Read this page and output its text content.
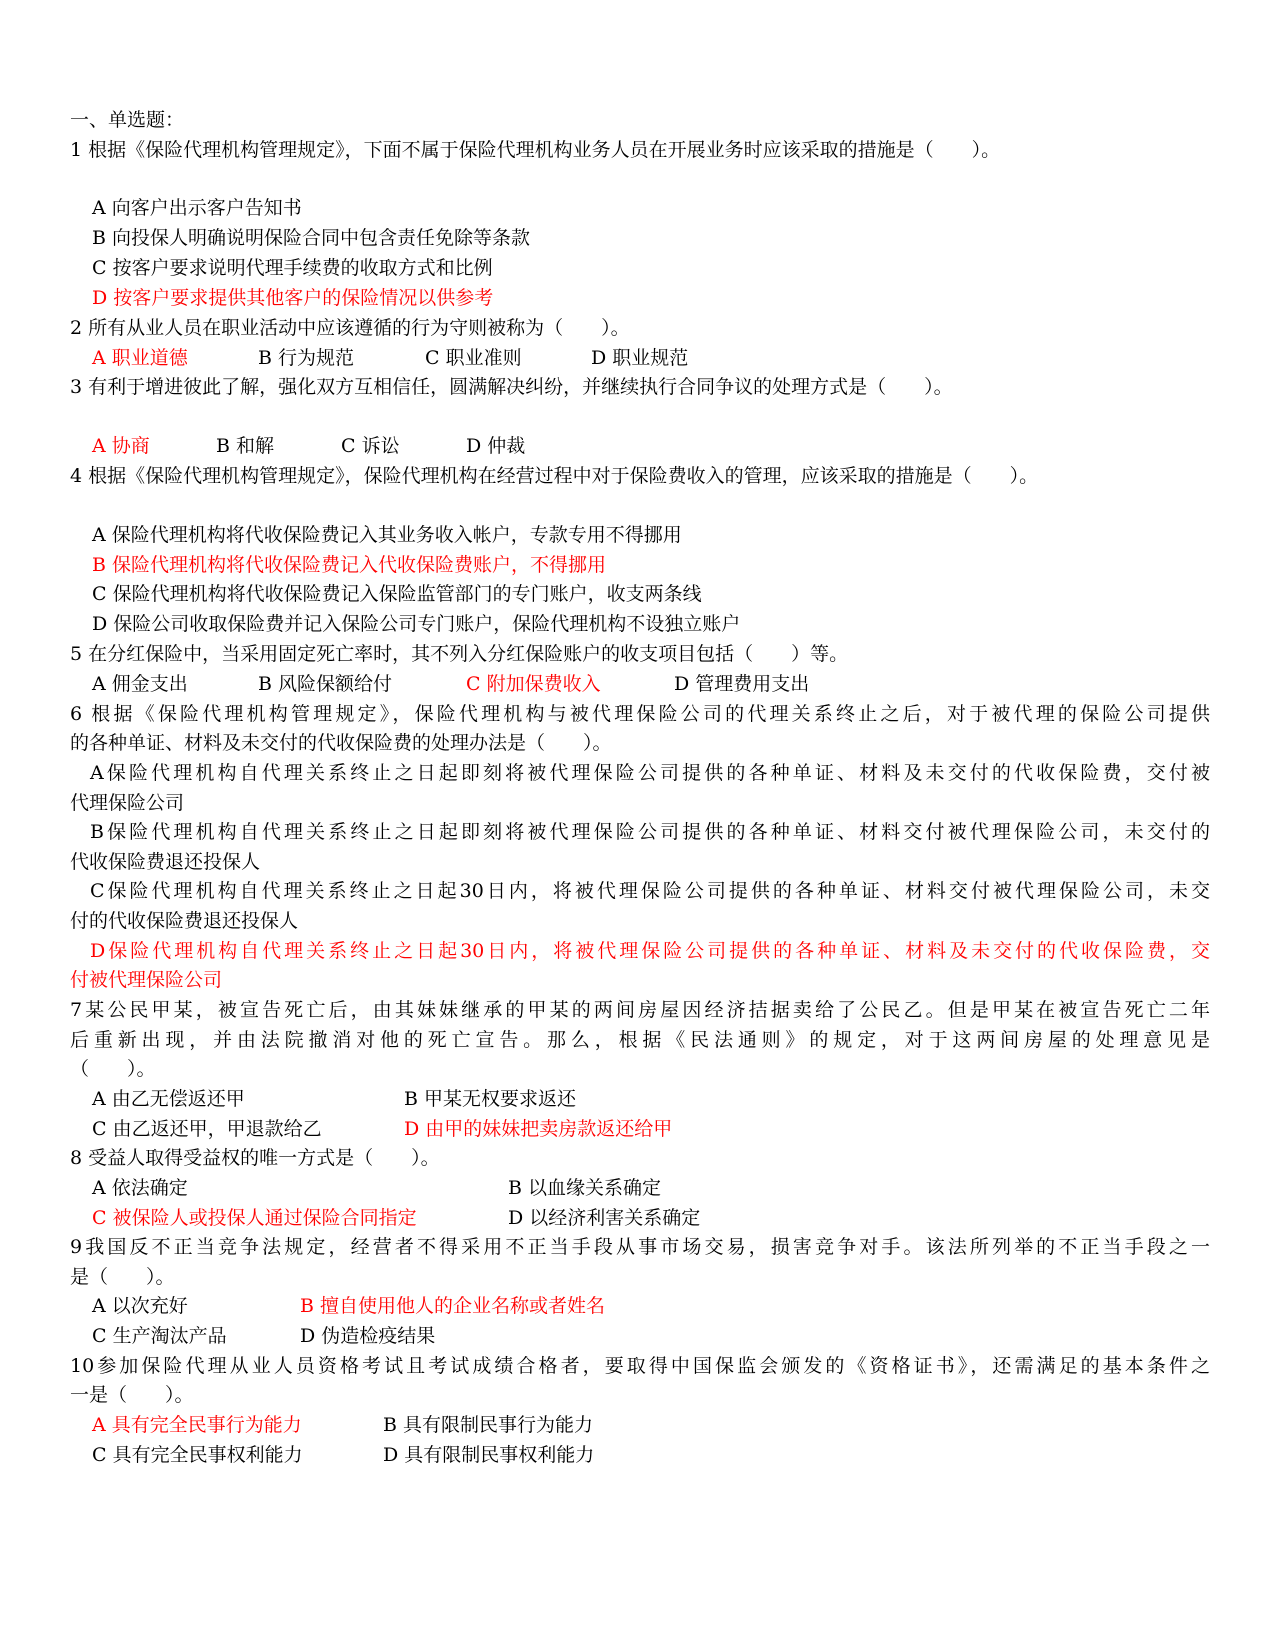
一、单选题：
1 根据《保险代理机构管理规定》，下面不属于保险代理机构业务人员在开展业务时应该采取的措施是（　　）。
A 向客户出示客户告知书
B 向投保人明确说明保险合同中包含责任免除等条款
C 按客户要求说明代理手续费的收取方式和比例
D 按客户要求提供其他客户的保险情况以供参考
2 所有从业人员在职业活动中应该遵循的行为守则被称为（　　）。
A 职业道德	B 行为规范	C 职业准则	D 职业规范
3 有利于增进彼此了解，强化双方互相信任，圆满解决纠纷，并继续执行合同争议的处理方式是（　　）。
A 协商	B 和解	C 诉讼	D 仲裁
4 根据《保险代理机构管理规定》，保险代理机构在经营过程中对于保险费收入的管理，应该采取的措施是（　　）。
A 保险代理机构将代收保险费记入其业务收入帐户，专款专用不得挪用
B 保险代理机构将代收保险费记入代收保险费账户，不得挪用
C 保险代理机构将代收保险费记入保险监管部门的专门账户，收支两条线
D 保险公司收取保险费并记入保险公司专门账户，保险代理机构不设独立账户
5 在分红保险中，当采用固定死亡率时，其不列入分红保险账户的收支项目包括（　　）等。
A 佣金支出	B 风险保额给付	C 附加保费收入	D 管理费用支出
6 根据《保险代理机构管理规定》，保险代理机构与被代理保险公司的代理关系终止之后，对于被代理的保险公司提供
的各种单证、材料及未交付的代收保险费的处理办法是（　　）。
A保险代理机构自代理关系终止之日起即刻将被代理保险公司提供的各种单证、材料及未交付的代收保险费，交付被
代理保险公司
B保险代理机构自代理关系终止之日起即刻将被代理保险公司提供的各种单证、材料交付被代理保险公司，未交付的
代收保险费退还投保人
C保险代理机构自代理关系终止之日起30日内，将被代理保险公司提供的各种单证、材料交付被代理保险公司，未交
付的代收保险费退还投保人
D保险代理机构自代理关系终止之日起30日内，将被代理保险公司提供的各种单证、材料及未交付的代收保险费，交
付被代理保险公司
7某公民甲某，被宣告死亡后，由其妹妹继承的甲某的两间房屋因经济拮据卖给了公民乙。但是甲某在被宣告死亡二年
后重新出现，并由法院撤消对他的死亡宣告。那么，根据《民法通则》的规定，对于这两间房屋的处理意见是
（　　）。
A 由乙无偿返还甲	B 甲某无权要求返还
C 由乙返还甲，甲退款给乙	D 由甲的妹妹把卖房款返还给甲
8 受益人取得受益权的唯一方式是（　　）。
A 依法确定	B 以血缘关系确定
C 被保险人或投保人通过保险合同指定	D 以经济利害关系确定
9我国反不正当竞争法规定，经营者不得采用不正当手段从事市场交易，损害竞争对手。该法所列举的不正当手段之一
是（　　）。
A 以次充好	B 擅自使用他人的企业名称或者姓名
C 生产淘汰产品	D 伪造检疫结果
10参加保险代理从业人员资格考试且考试成绩合格者，要取得中国保监会颁发的《资格证书》，还需满足的基本条件之
一是（　　）。
A 具有完全民事行为能力	B 具有限制民事行为能力
C 具有完全民事权利能力	D 具有限制民事权利能力
